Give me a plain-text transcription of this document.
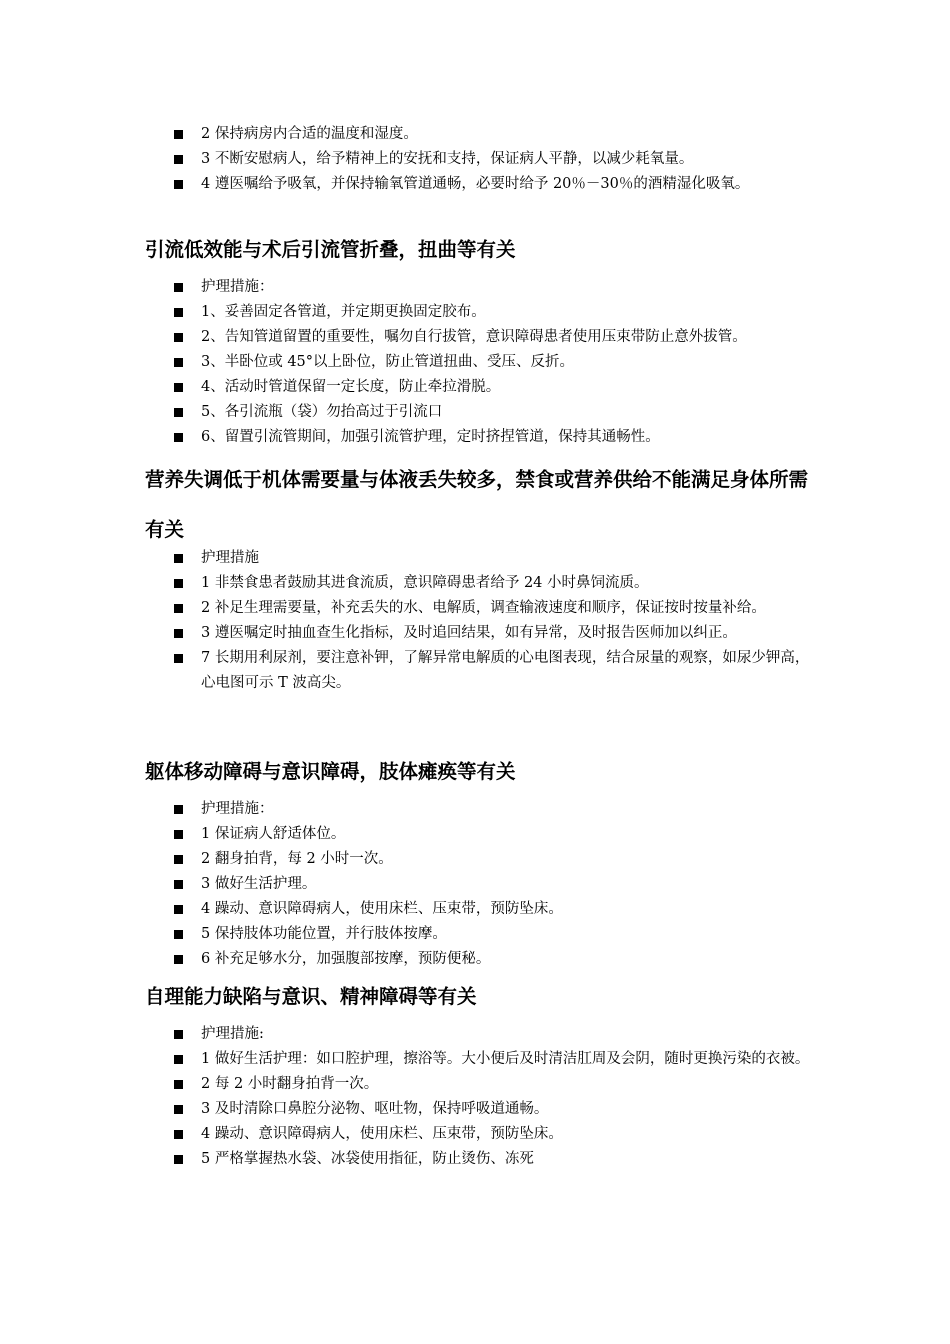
2 保持病房内合适的温度和湿度。
3 不断安慰病人，给予精神上的安抚和支持，保证病人平静，以减少耗氧量。
4 遵医嘱给予吸氧，并保持输氧管道通畅，必要时给予 20％－30％的酒精湿化吸氧。
引流低效能与术后引流管折叠，扭曲等有关
护理措施：
1、妥善固定各管道，并定期更换固定胶布。
2、告知管道留置的重要性，嘱勿自行拔管，意识障碍患者使用压束带防止意外拔管。
3、半卧位或 45°以上卧位，防止管道扭曲、受压、反折。
4、活动时管道保留一定长度，防止牵拉滑脱。
5、各引流瓶（袋）勿抬高过于引流口
6、留置引流管期间，加强引流管护理，定时挤捏管道，保持其通畅性。
营养失调低于机体需要量与体液丢失较多，禁食或营养供给不能满足身体所需有关
护理措施
1 非禁食患者鼓励其进食流质，意识障碍患者给予 24 小时鼻饲流质。
2 补足生理需要量，补充丢失的水、电解质，调查输液速度和顺序，保证按时按量补给。
3 遵医嘱定时抽血查生化指标，及时追回结果，如有异常，及时报告医师加以纠正。
7 长期用利尿剂，要注意补钾，了解异常电解质的心电图表现，结合尿量的观察，如尿少钾高，心电图可示 T 波高尖。
躯体移动障碍与意识障碍，肢体瘫痪等有关
护理措施：
1 保证病人舒适体位。
2 翻身拍背，每 2 小时一次。
3 做好生活护理。
4 躁动、意识障碍病人，使用床栏、压束带，预防坠床。
5 保持肢体功能位置，并行肢体按摩。
6 补充足够水分，加强腹部按摩，预防便秘。
自理能力缺陷与意识、精神障碍等有关
护理措施:
1 做好生活护理：如口腔护理，擦浴等。大小便后及时清洁肛周及会阴，随时更换污染的衣被。
2 每 2 小时翻身拍背一次。
3 及时清除口鼻腔分泌物、呕吐物，保持呼吸道通畅。
4 躁动、意识障碍病人，使用床栏、压束带，预防坠床。
5 严格掌握热水袋、冰袋使用指征，防止烫伤、冻死
